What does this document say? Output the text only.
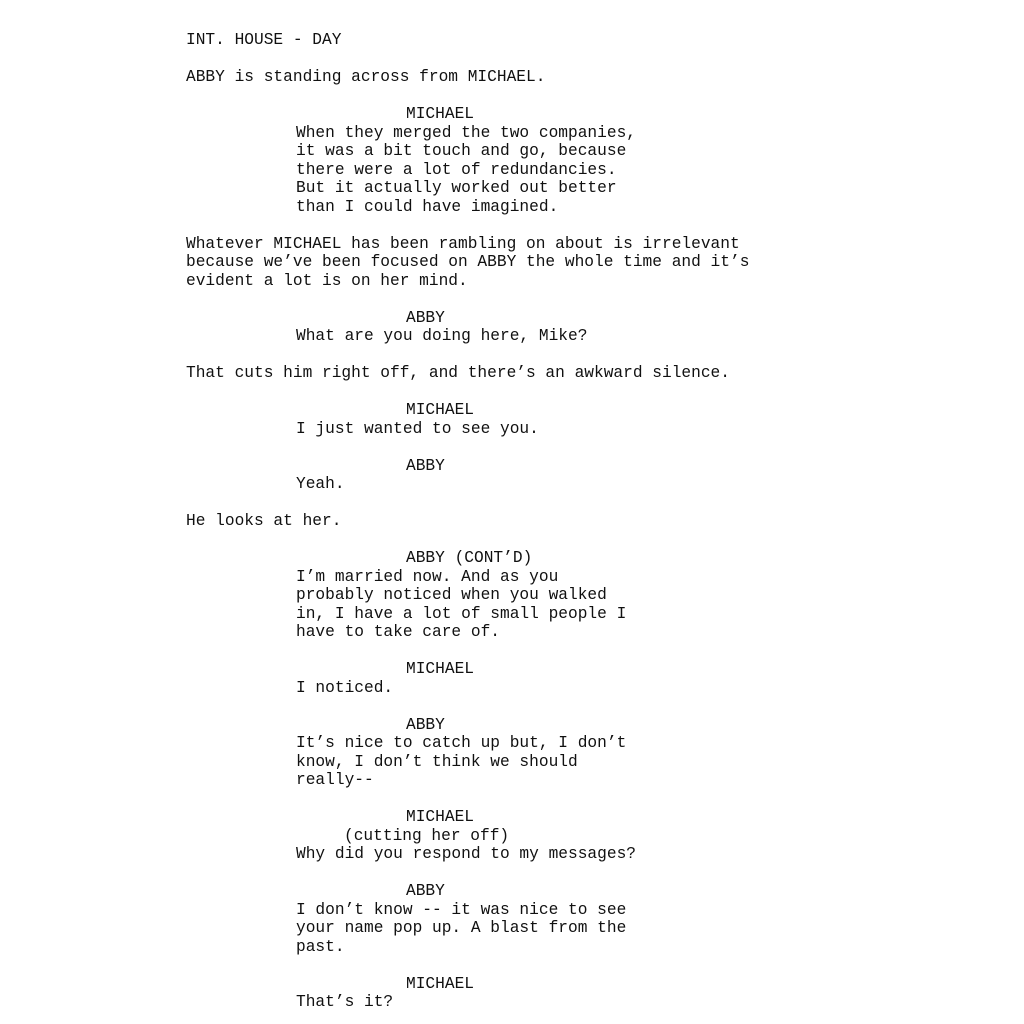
INT. HOUSE - DAY
ABBY is standing across from MICHAEL.
MICHAEL
When they merged the two companies,
it was a bit touch and go, because
there were a lot of redundancies.
But it actually worked out better
than I could have imagined.
Whatever MICHAEL has been rambling on about is irrelevant
because we’ve been focused on ABBY the whole time and it’s
evident a lot is on her mind.
ABBY
What are you doing here, Mike?
That cuts him right off, and there’s an awkward silence.
MICHAEL
I just wanted to see you.
ABBY
Yeah.
He looks at her.
ABBY (CONT’D)
I’m married now. And as you
probably noticed when you walked
in, I have a lot of small people I
have to take care of.
MICHAEL
I noticed.
ABBY
It’s nice to catch up but, I don’t
know, I don’t think we should
really--
MICHAEL
(cutting her off)
Why did you respond to my messages?
ABBY
I don’t know -- it was nice to see
your name pop up. A blast from the
past.
MICHAEL
That’s it?
